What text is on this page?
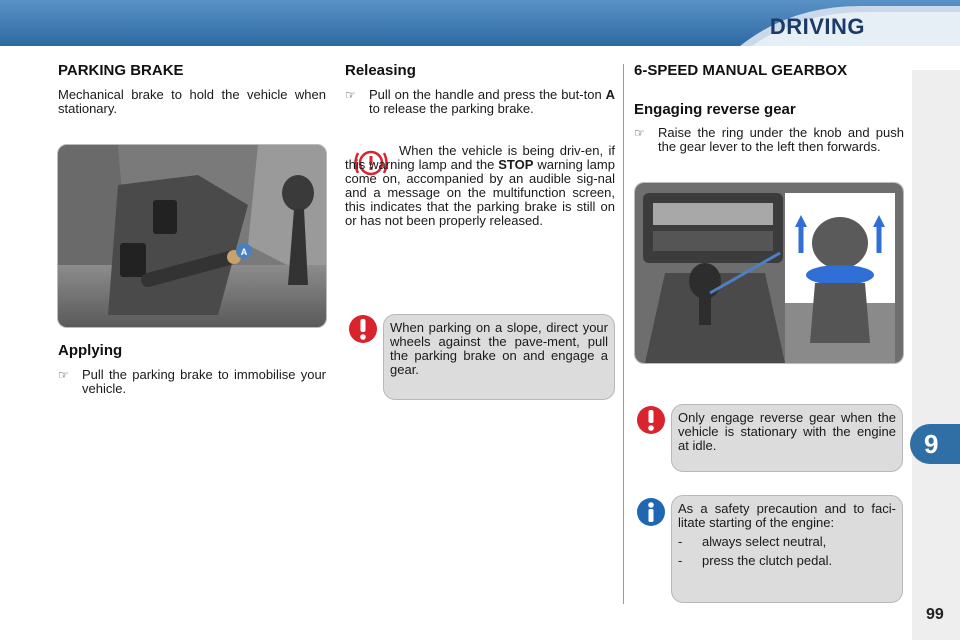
DRIVING
9
99
PARKING BRAKE
Mechanical brake to hold the vehicle when stationary.
A
Applying
☞	Pull the parking brake to immobilise your vehicle.
Releasing
☞	Pull on the handle and press the but-ton A to release the parking brake.
When the vehicle is being driv-en, if this warning lamp and the STOP warning lamp come on, accompanied by an audible sig-nal and a message on the multifunction screen, this indicates that the parking brake is still on or has not been properly released.

When parking on a slope, direct your wheels against the pave-ment, pull the parking brake on and engage a gear.

6-SPEED MANUAL GEARBOX
Engaging reverse gear
☞	Raise the ring under the knob and push the gear lever to the left then forwards.

Only engage reverse gear when the vehicle is stationary with the engine at idle.

As a safety precaution and to faci-litate starting of the engine:

- always select neutral,

- press the clutch pedal.
